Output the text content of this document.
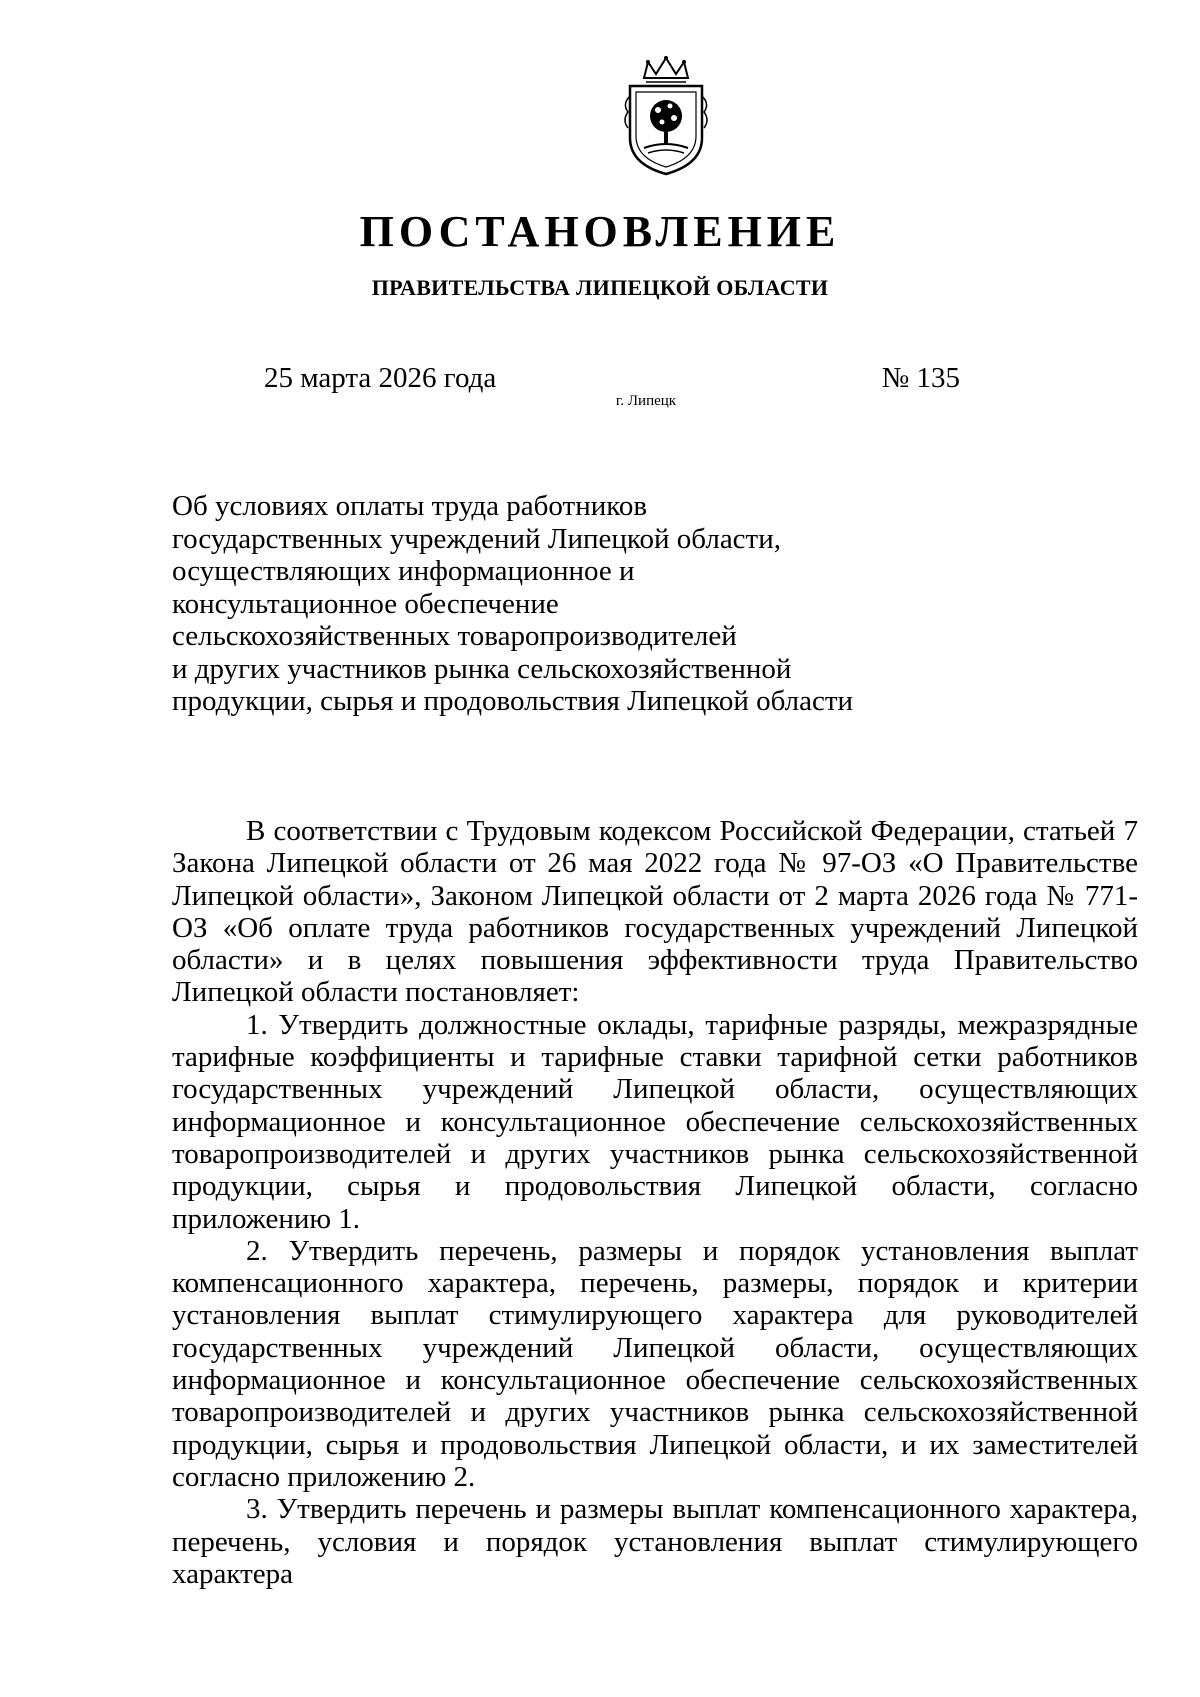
ПОСТАНОВЛЕНИЕ
ПРАВИТЕЛЬСТВА ЛИПЕЦКОЙ ОБЛАСТИ
25 марта 2026 года	№ 135
г. Липецк
Об условиях оплаты труда работников
государственных учреждений Липецкой области,
осуществляющих информационное и
консультационное обеспечение
сельскохозяйственных товаропроизводителей
и других участников рынка сельскохозяйственной
продукции, сырья и продовольствия Липецкой области

В соответствии с Трудовым кодексом Российской Федерации, статьей 7 Закона Липецкой области от 26 мая 2022 года № 97-ОЗ «О Правительстве Липецкой области», Законом Липецкой области от 2 марта 2026 года № 771-ОЗ «Об оплате труда работников государственных учреждений Липецкой области» и в целях повышения эффективности труда Правительство Липецкой области постановляет:

1. Утвердить должностные оклады, тарифные разряды, межразрядные тарифные коэффициенты и тарифные ставки тарифной сетки работников государственных учреждений Липецкой области, осуществляющих информационное и консультационное обеспечение сельскохозяйственных товаропроизводителей и других участников рынка сельскохозяйственной продукции, сырья и продовольствия Липецкой области, согласно приложению 1.

2. Утвердить перечень, размеры и порядок установления выплат компенсационного характера, перечень, размеры, порядок и критерии установления выплат стимулирующего характера для руководителей государственных учреждений Липецкой области, осуществляющих информационное и консультационное обеспечение сельскохозяйственных товаропроизводителей и других участников рынка сельскохозяйственной продукции, сырья и продовольствия Липецкой области, и их заместителей согласно приложению 2.

3. Утвердить перечень и размеры выплат компенсационного характера, перечень, условия и порядок установления выплат стимулирующего характера
